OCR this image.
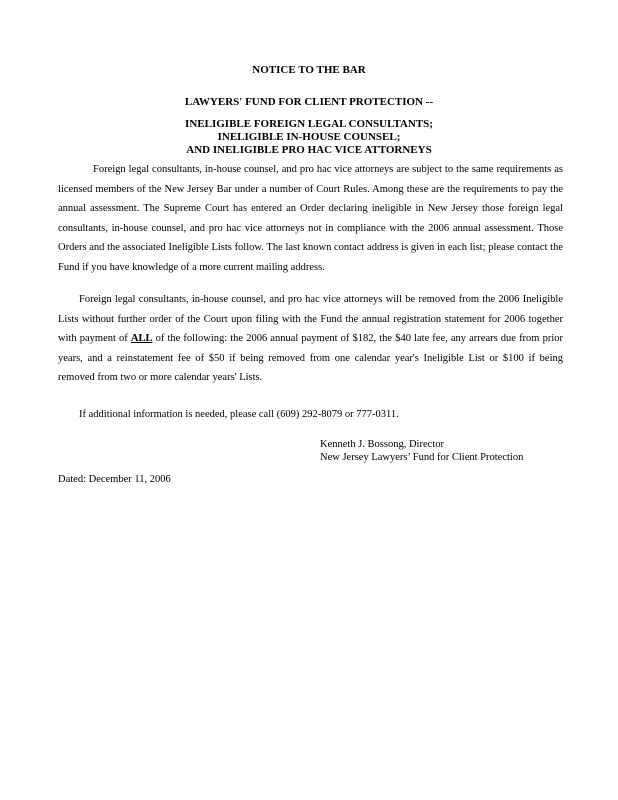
NOTICE TO THE BAR

LAWYERS' FUND FOR CLIENT PROTECTION --

INELIGIBLE FOREIGN LEGAL CONSULTANTS;
INELIGIBLE IN-HOUSE COUNSEL;
AND INELIGIBLE PRO HAC VICE ATTORNEYS

Foreign legal consultants, in-house counsel, and pro hac vice attorneys are subject to the same requirements as licensed members of the New Jersey Bar under a number of Court Rules. Among these are the requirements to pay the annual assessment. The Supreme Court has entered an Order declaring ineligible in New Jersey those foreign legal consultants, in-house counsel, and pro hac vice attorneys not in compliance with the 2006 annual assessment. Those Orders and the associated Ineligible Lists follow. The last known contact address is given in each list; please contact the Fund if you have knowledge of a more current mailing address.

Foreign legal consultants, in-house counsel, and pro hac vice attorneys will be removed from the 2006 Ineligible Lists without further order of the Court upon filing with the Fund the annual registration statement for 2006 together with payment of ALL of the following: the 2006 annual payment of $182, the $40 late fee, any arrears due from prior years, and a reinstatement fee of $50 if being removed from one calendar year's Ineligible List or $100 if being removed from two or more calendar years' Lists.

If additional information is needed, please call (609) 292-8079 or 777-0311.

Kenneth J. Bossong, Director

New Jersey Lawyers’ Fund for Client Protection

Dated: December 11, 2006
